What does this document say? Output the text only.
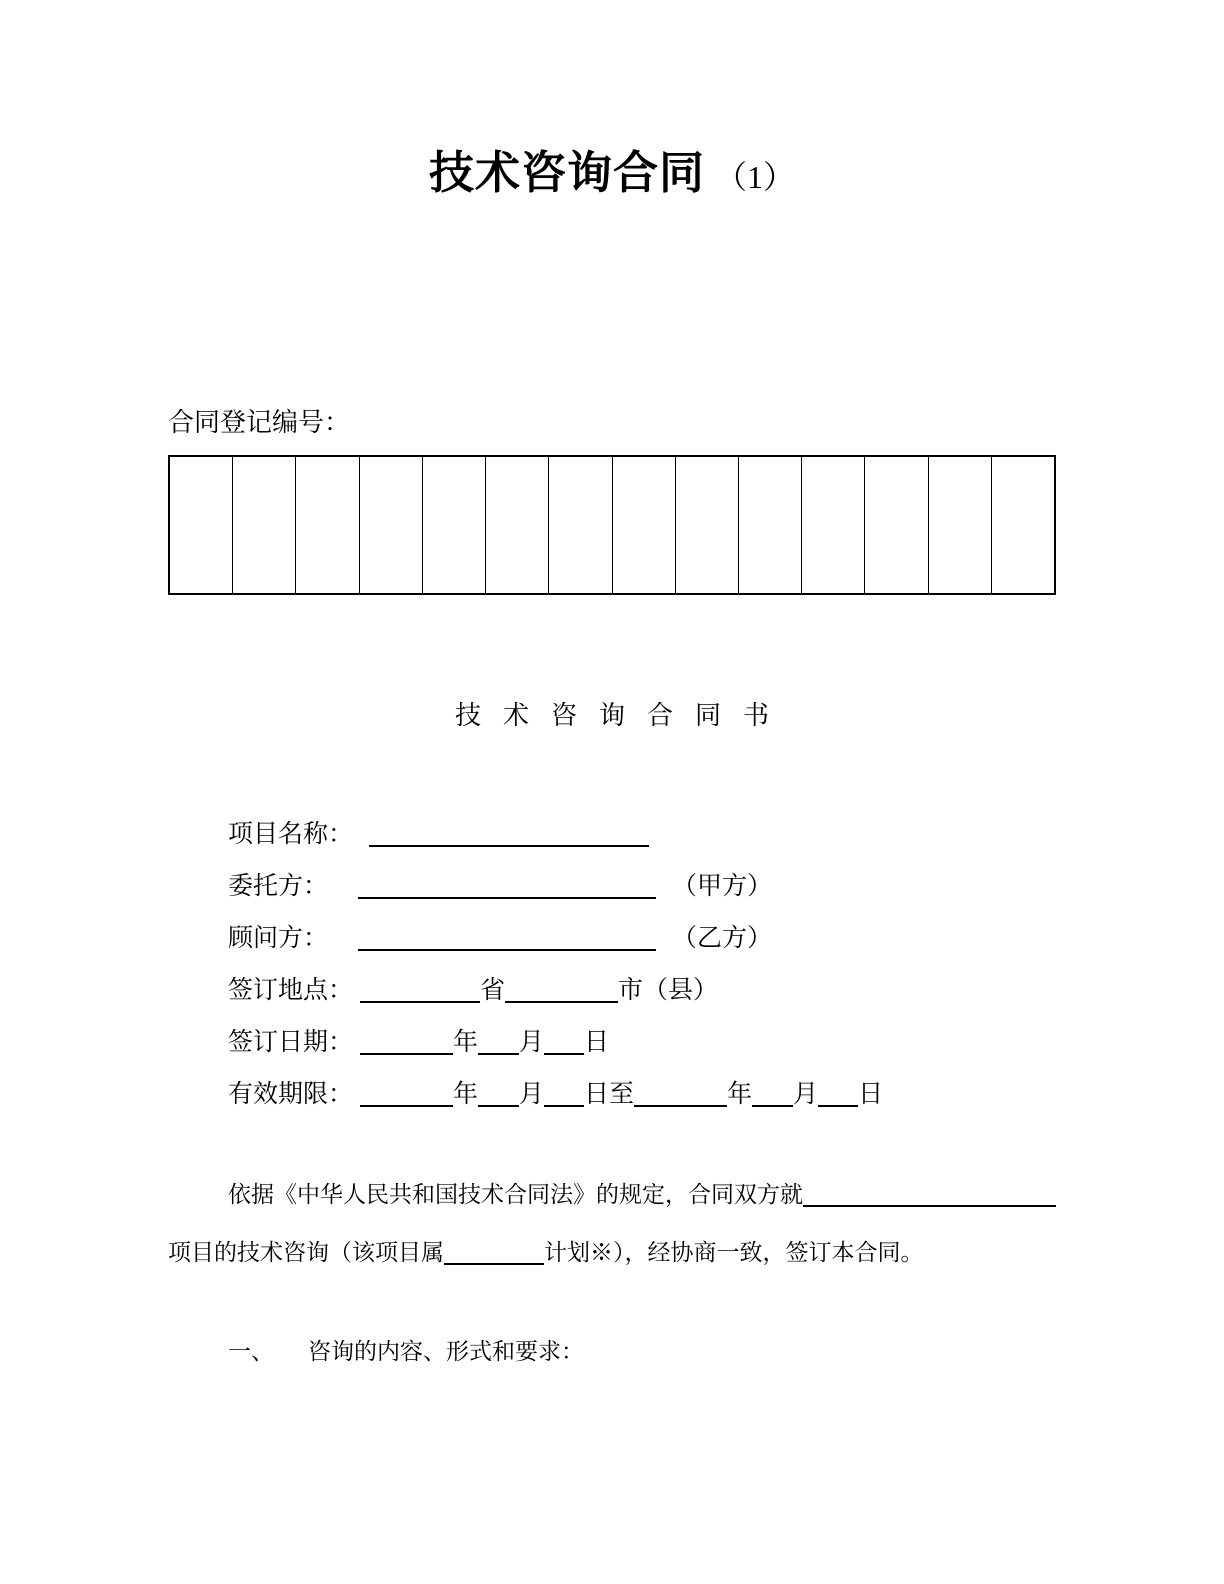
技术咨询合同 （1）
合同登记编号：
技术咨询合同书
项目名称：
委托方：	（甲方）
顾问方：	（乙方）
签订地点：	省	市（县）
签订日期：	年 月 日
有效期限：	年 月 日至	年 月 日
依据《中华人民共和国技术合同法》的规定，合同双方就
项目的技术咨询（该项目属	计划※），经协商一致，签订本合同。
一、 咨询的内容、形式和要求：
